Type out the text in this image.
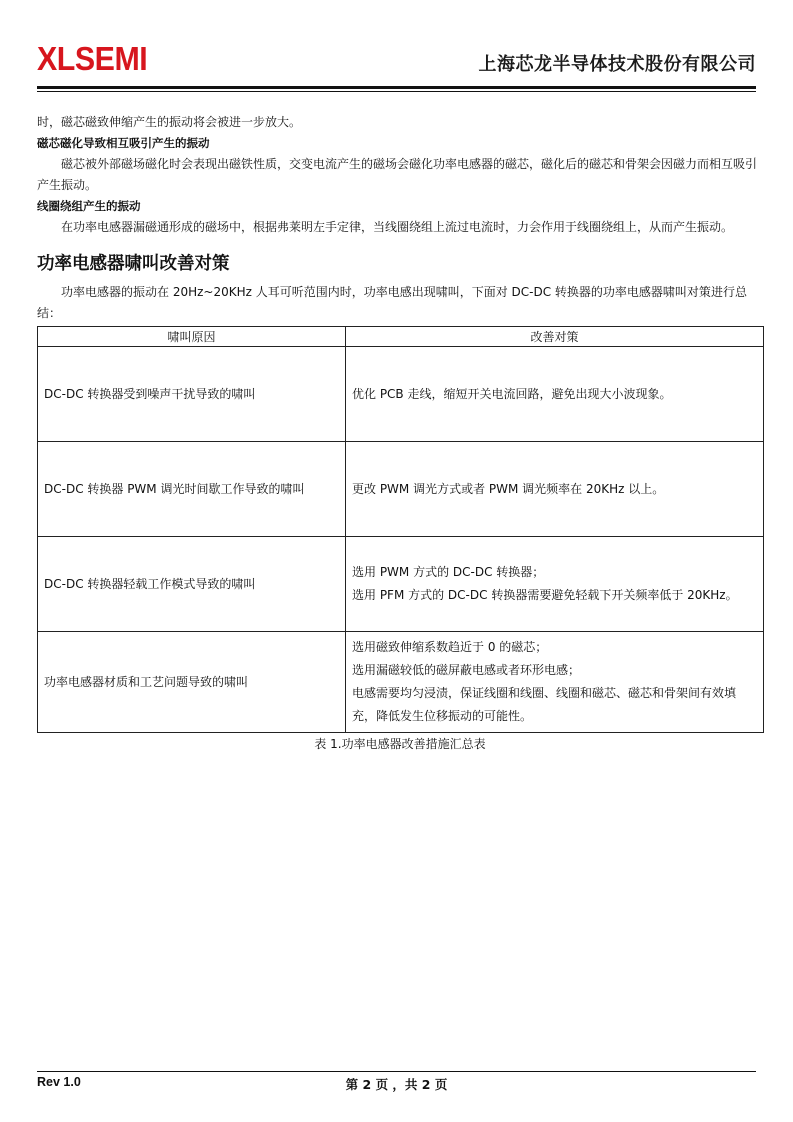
XLSEMI	上海芯龙半导体技术股份有限公司

时，磁芯磁致伸缩产生的振动将会被进一步放大。

磁芯磁化导致相互吸引产生的振动

磁芯被外部磁场磁化时会表现出磁铁性质，交变电流产生的磁场会磁化功率电感器的磁芯，磁化后的磁芯和骨架会因磁力而相互吸引产生振动。

线圈绕组产生的振动

在功率电感器漏磁通形成的磁场中，根据弗莱明左手定律，当线圈绕组上流过电流时，力会作用于线圈绕组上，从而产生振动。

功率电感器啸叫改善对策

功率电感器的振动在 20Hz~20KHz 人耳可听范围内时，功率电感出现啸叫，下面对 DC-DC 转换器的功率电感器啸叫对策进行总结：

啸叫原因	改善对策
DC-DC 转换器受到噪声干扰导致的啸叫	优化 PCB 走线，缩短开关电流回路，避免出现大小波现象。

DC-DC 转换器 PWM 调光时间歇工作导致的啸叫	更改 PWM 调光方式或者 PWM 调光频率在 20KHz 以上。

DC-DC 转换器轻载工作模式导致的啸叫	选用 PWM 方式的 DC-DC 转换器；
选用 PFM 方式的 DC-DC 转换器需要避免轻载下开关频率低于 20KHz。

功率电感器材质和工艺问题导致的啸叫	选用磁致伸缩系数趋近于 0 的磁芯；
选用漏磁较低的磁屏蔽电感或者环形电感；
电感需要均匀浸渍，保证线圈和线圈、线圈和磁芯、磁芯和骨架间有效填充，降低发生位移振动的可能性。
表 1.功率电感器改善措施汇总表
Rev 1.0	第 2 页 ，共 2 页
